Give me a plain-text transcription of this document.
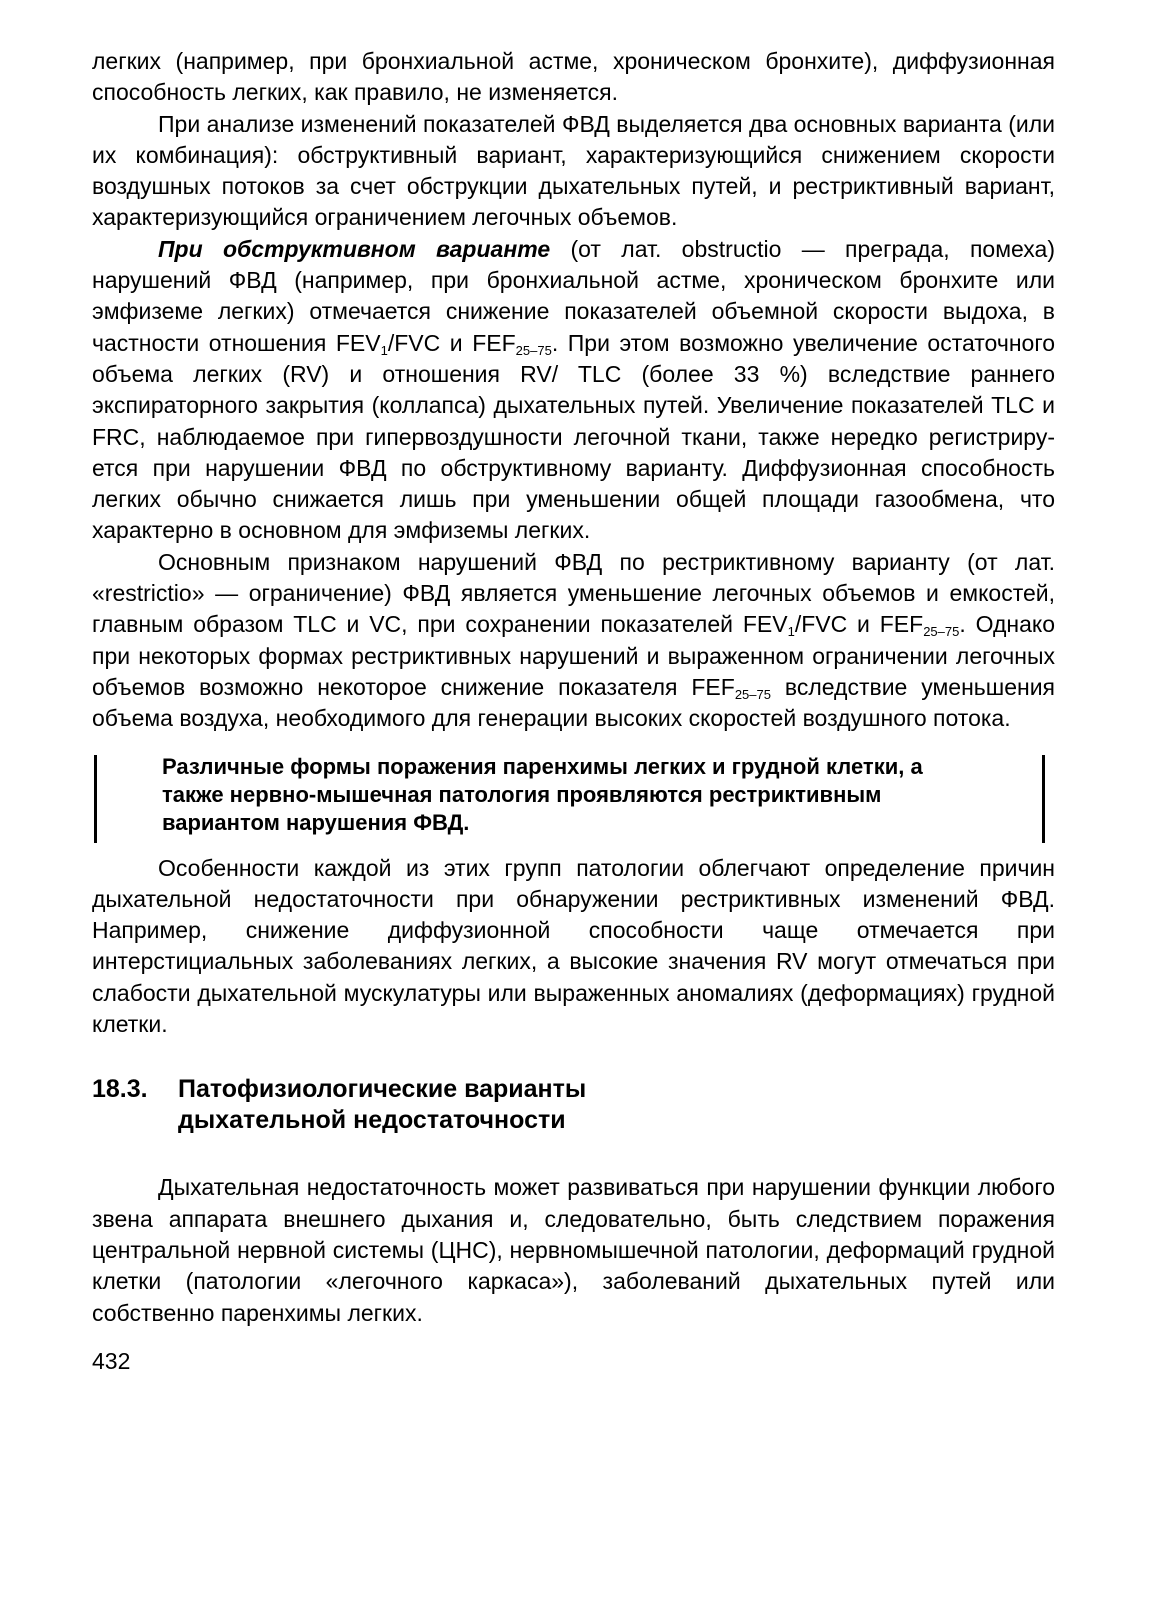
легких (например, при бронхиальной астме, хроническом бронхите), диффузионная способность легких, как правило, не изменяется.

При анализе изменений показателей ФВД выделяется два основных варианта (или их комбинация): обструктивный вариант, характеризующийся снижением скорости воздушных потоков за счет обструкции дыхательных путей, и рестриктивный вариант, характеризующийся ограничением легочных объемов.

При обструктивном варианте (от лат. obstructio — преграда, помеха) нарушений ФВД (например, при бронхиальной астме, хроническом бронхите или эмфиземе легких) отмечается снижение показателей объемной скорости выдоха, в частности отношения $FEV_1$/FVC и $FEF_{25-75}$. При этом возможно увеличение остаточного объема легких (RV) и отношения RV/ TLC (более 33 %) вследствие раннего экспираторного закрытия (коллапса) дыхательных путей. Увеличение показателей TLC и FRC, наблюдаемое при гипервоздушности легочной ткани, также нередко регистрируется при нарушении ФВД по обструктивному варианту. Диффузионная способность легких обычно снижается лишь при уменьшении общей площади газообмена, что характерно в основном для эмфиземы легких.

Основным признаком нарушений ФВД по рестриктивному варианту (от лат. «restrictio» — ограничение) ФВД является уменьшение легочных объемов и емкостей, главным образом TLC и VC, при сохранении показателей $FEV_1$/FVC и $FEF_{25-75}$. Однако при некоторых формах рестриктивных нарушений и выраженном ограничении легочных объемов возможно некоторое снижение показателя $FEF_{25-75}$ вследствие уменьшения объема воздуха, необходимого для генерации высоких скоростей воздушного потока.

Различные формы поражения паренхимы легких и грудной клетки, а также нервно-мышечная патология проявляются рестриктивным вариантом нарушения ФВД.

Особенности каждой из этих групп патологии облегчают определение причин дыхательной недостаточности при обнаружении рестриктивных изменений ФВД. Например, снижение диффузионной способности чаще отмечается при интерстициальных заболеваниях легких, а высокие значения RV могут отмечаться при слабости дыхательной мускулатуры или выраженных аномалиях (деформациях) грудной клетки.

18.3.	Патофизиологические варианты
дыхательной недостаточности

Дыхательная недостаточность может развиваться при нарушении функции любого звена аппарата внешнего дыхания и, следовательно, быть следствием поражения центральной нервной системы (ЦНС), нервномышечной патологии, деформаций грудной клетки (патологии «легочного каркаса»), заболеваний дыхательных путей или собственно паренхимы легких.

432
